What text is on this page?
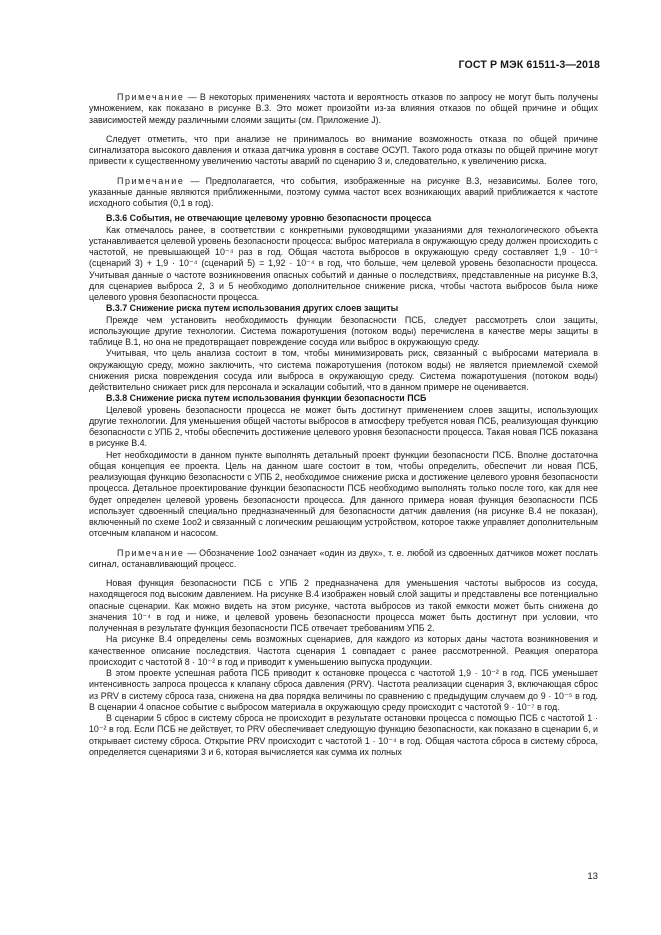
ГОСТ Р МЭК 61511-3—2018

Примечание — В некоторых применениях частота и вероятность отказов по запросу не могут быть получены умножением, как показано в рисунке В.3. Это может произойти из-за влияния отказов по общей причине и общих зависимостей между различными слоями защиты (см. Приложение J).

Следует отметить, что при анализе не принималось во внимание возможность отказа по общей причине сигнализатора высокого давления и отказа датчика уровня в составе ОСУП. Такого рода отказы по общей причине могут привести к существенному увеличению частоты аварий по сценарию 3 и, следовательно, к увеличению риска.

Примечание — Предполагается, что события, изображенные на рисунке В.3, независимы. Более того, указанные данные являются приближенными, поэтому сумма частот всех возникающих аварий приближается к частоте исходного события (0,1 в год).

В.3.6 События, не отвечающие целевому уровню безопасности процесса

Как отмечалось ранее, в соответствии с конкретными руководящими указаниями для технологического объекта устанавливается целевой уровень безопасности процесса: выброс материала в окружающую среду должен происходить с частотой, не превышающей 10⁻⁴ раз в год. Общая частота выбросов в окружающую среду составляет 1,9 · 10⁻⁵ (сценарий 3) + 1,9 · 10⁻⁴ (сценарий 5) = 1,92 · 10⁻⁴ в год, что больше, чем целевой уровень безопасности процесса. Учитывая данные о частоте возникновения опасных событий и данные о последствиях, представленные на рисунке В.3, для сценариев выброса 2, 3 и 5 необходимо дополнительное снижение риска, чтобы частота выбросов была ниже целевого уровня безопасности процесса.

В.3.7 Снижение риска путем использования других слоев защиты

Прежде чем установить необходимость функции безопасности ПСБ, следует рассмотреть слои защиты, использующие другие технологии. Система пожаротушения (потоком воды) перечислена в качестве меры защиты в таблице В.1, но она не предотвращает повреждение сосуда или выброс в окружающую среду.

Учитывая, что цель анализа состоит в том, чтобы минимизировать риск, связанный с выбросами материала в окружающую среду, можно заключить, что система пожаротушения (потоком воды) не является приемлемой схемой снижения риска повреждения сосуда или выброса в окружающую среду. Система пожаротушения (потоком воды) действительно снижает риск для персонала и эскалации событий, что в данном примере не оценивается.

В.3.8 Снижение риска путем использования функции безопасности ПСБ

Целевой уровень безопасности процесса не может быть достигнут применением слоев защиты, использующих другие технологии. Для уменьшения общей частоты выбросов в атмосферу требуется новая ПСБ, реализующая функцию безопасности с УПБ 2, чтобы обеспечить достижение целевого уровня безопасности процесса. Такая новая ПСБ показана в рисунке В.4.

Нет необходимости в данном пункте выполнять детальный проект функции безопасности ПСБ. Вполне достаточна общая концепция ее проекта. Цель на данном шаге состоит в том, чтобы определить, обеспечит ли новая ПСБ, реализующая функцию безопасности с УПБ 2, необходимое снижение риска и достижение целевого уровня безопасности процесса. Детальное проектирование функции безопасности ПСБ необходимо выполнять только после того, как для нее будет определен целевой уровень безопасности процесса. Для данного примера новая функция безопасности ПСБ использует сдвоенный специально предназначенный для безопасности датчик давления (на рисунке В.4 не показан), включенный по схеме 1оо2 и связанный с логическим решающим устройством, которое также управляет дополнительным отсечным клапаном и насосом.

Примечание — Обозначение 1oo2 означает «один из двух», т. е. любой из сдвоенных датчиков может послать сигнал, останавливающий процесс.

Новая функция безопасности ПСБ с УПБ 2 предназначена для уменьшения частоты выбросов из сосуда, находящегося под высоким давлением. На рисунке В.4 изображен новый слой защиты и представлены все потенциально опасные сценарии. Как можно видеть на этом рисунке, частота выбросов из такой емкости может быть снижена до значения 10⁻⁴ в год и ниже, и целевой уровень безопасности процесса может быть достигнут при условии, что полученная в результате функция безопасности ПСБ отвечает требованиям УПБ 2.

На рисунке В.4 определены семь возможных сценариев, для каждого из которых даны частота возникновения и качественное описание последствия. Частота сценария 1 совпадает с ранее рассмотренной. Реакция оператора происходит с частотой 8 · 10⁻² в год и приводит к уменьшению выпуска продукции.

В этом проекте успешная работа ПСБ приводит к остановке процесса с частотой 1,9 · 10⁻² в год. ПСБ уменьшает интенсивность запроса процесса к клапану сброса давления (PRV). Частота реализации сценария 3, включающая сброс из PRV в систему сброса газа, снижена на два порядка величины по сравнению с предыдущим случаем до 9 · 10⁻⁵ в год. В сценарии 4 опасное событие с выбросом материала в окружающую среду происходит с частотой 9 · 10⁻⁷ в год.

В сценарии 5 сброс в систему сброса не происходит в результате остановки процесса с помощью ПСБ с частотой 1 · 10⁻² в год. Если ПСБ не действует, то PRV обеспечивает следующую функцию безопасности, как показано в сценарии 6, и открывает систему сброса. Открытие PRV происходит с частотой 1 · 10⁻⁴ в год. Общая частота сброса в систему сброса, определяется сценариями 3 и 6, которая вычисляется как сумма их полных

13
